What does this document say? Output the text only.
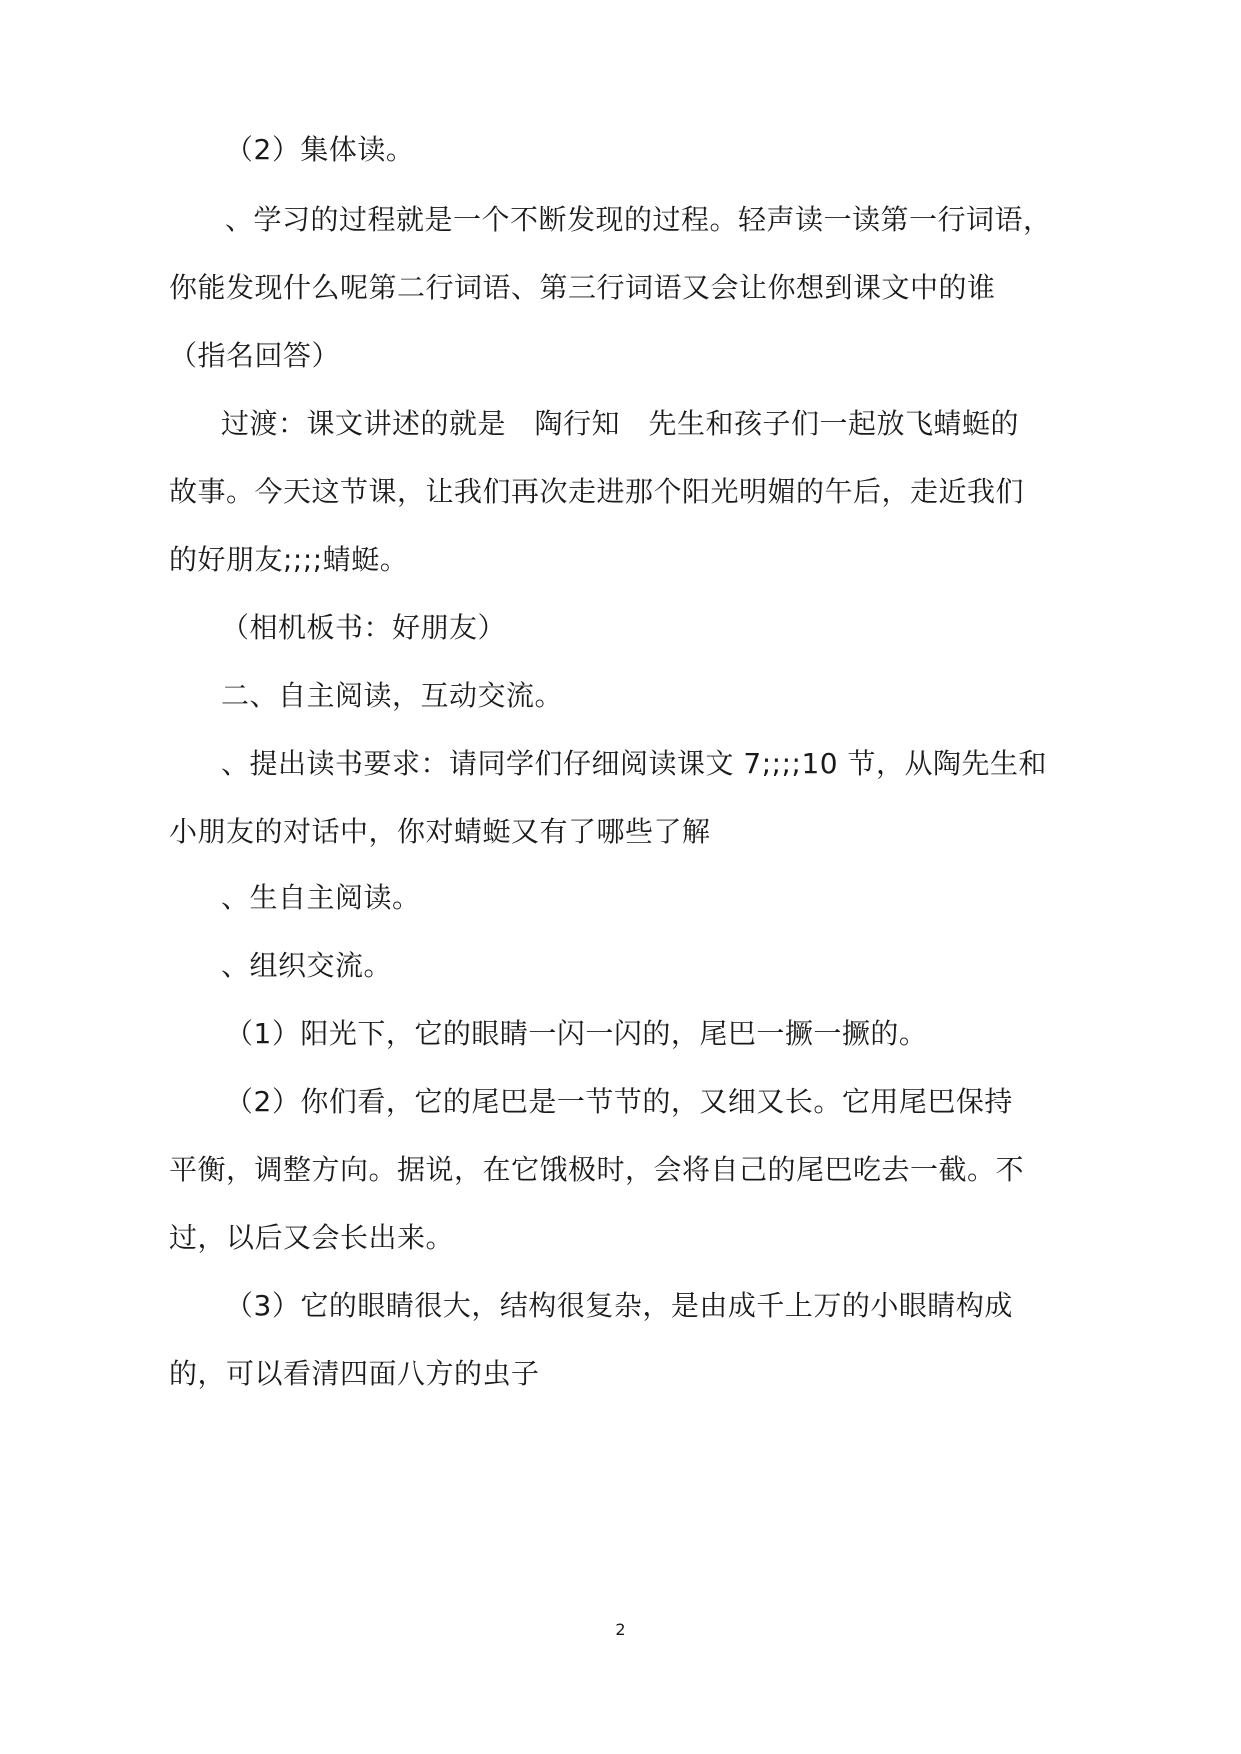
（2）集体读。
、学习的过程就是一个不断发现的过程。轻声读一读第一行词语，
你能发现什么呢第二行词语、第三行词语又会让你想到课文中的谁
（指名回答）
过渡：课文讲述的就是　陶行知　先生和孩子们一起放飞蜻蜓的
故事。今天这节课，让我们再次走进那个阳光明媚的午后，走近我们
的好朋友;;;;蜻蜓。
（相机板书：好朋友）
二、自主阅读，互动交流。
、提出读书要求：请同学们仔细阅读课文 7;;;;10 节，从陶先生和
小朋友的对话中，你对蜻蜓又有了哪些了解
、生自主阅读。
、组织交流。
（1）阳光下，它的眼睛一闪一闪的，尾巴一撅一撅的。
（2）你们看，它的尾巴是一节节的，又细又长。它用尾巴保持
平衡，调整方向。据说，在它饿极时，会将自己的尾巴吃去一截。不
过，以后又会长出来。
（3）它的眼睛很大，结构很复杂，是由成千上万的小眼睛构成
的，可以看清四面八方的虫子
2
